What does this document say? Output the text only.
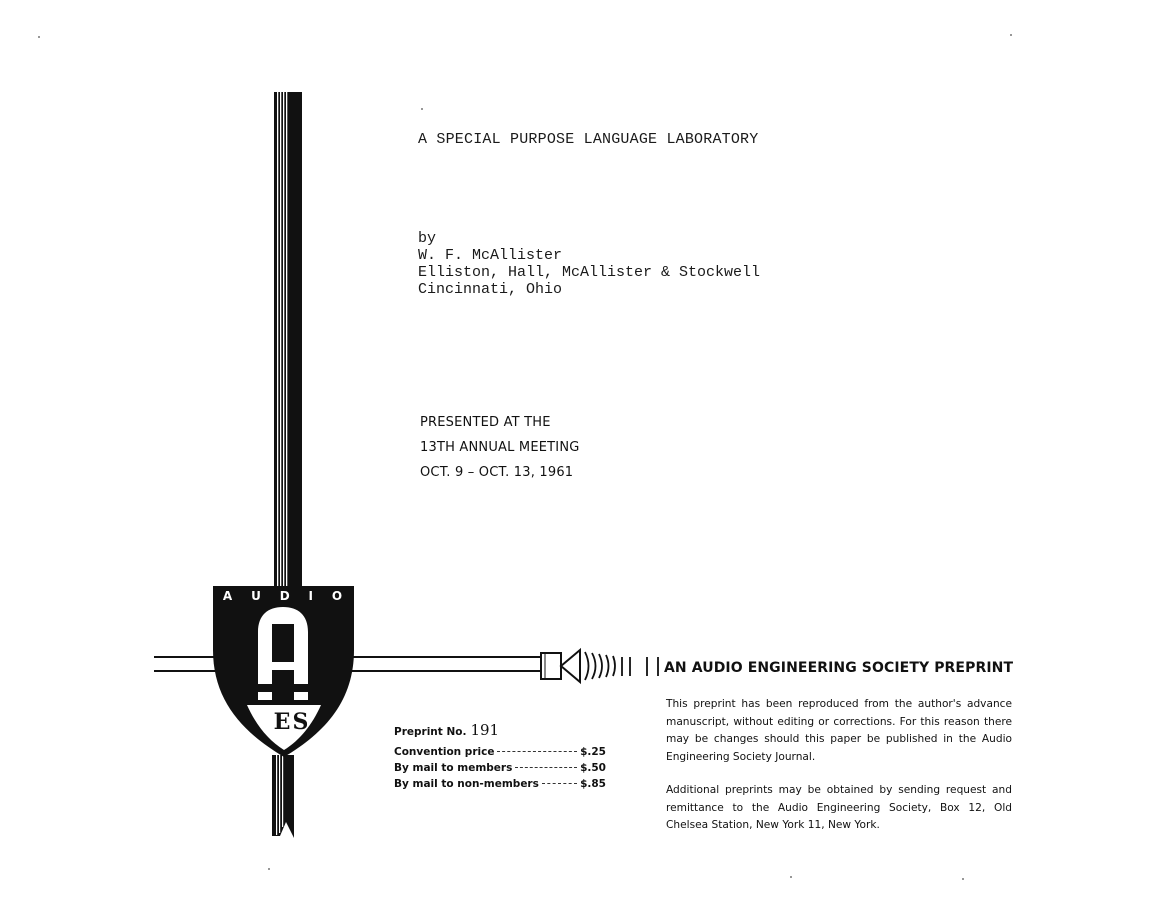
A U D I O
ES
A SPECIAL PURPOSE LANGUAGE LABORATORY
by
W. F. McAllister
Elliston, Hall, McAllister & Stockwell
Cincinnati, Ohio
PRESENTED AT THE
13TH ANNUAL MEETING
OCT. 9 – OCT. 13, 1961
AN AUDIO ENGINEERING SOCIETY PREPRINT

This preprint has been reproduced from the author's advance manuscript, without editing or corrections. For this reason there may be changes should this paper be published in the Audio Engineering Society Journal.

Additional preprints may be obtained by sending request and remittance to the Audio Engineering Society, Box 12, Old Chelsea Station, New York 11, New York.

Preprint No. 191
Convention price	$.25
By mail to members	$.50
By mail to non-members	$.85
